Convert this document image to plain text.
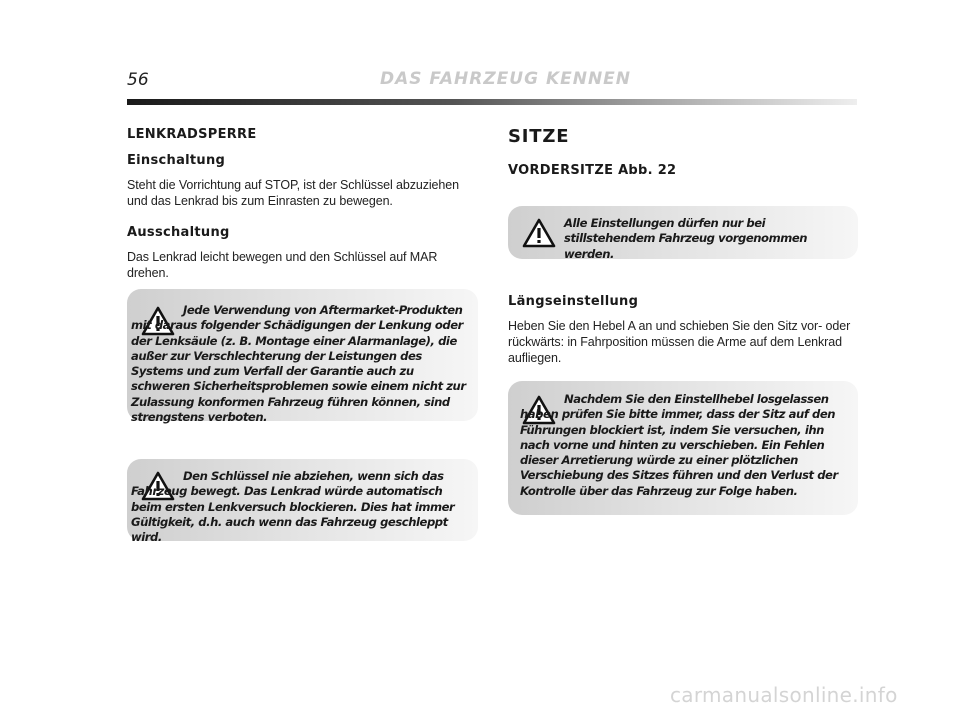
56	DAS FAHRZEUG KENNEN
LENKRADSPERRE
Einschaltung

Steht die Vorrichtung auf STOP, ist der Schlüssel abzuziehen und das Lenkrad bis zum Einrasten zu bewegen.

Ausschaltung

Das Lenkrad leicht bewegen und den Schlüssel auf MAR drehen.

Jede Verwendung von Aftermarket-Produkten mit daraus folgender Schädigungen der Lenkung oder der Lenksäule (z. B. Montage einer Alarmanlage), die außer zur Verschlechterung der Leistungen des Systems und zum Verfall der Garantie auch zu schweren Sicherheitsproblemen sowie einem nicht zur Zulassung konformen Fahrzeug führen können, sind strengstens verboten.

Den Schlüssel nie abziehen, wenn sich das Fahrzeug bewegt. Das Lenkrad würde automatisch beim ersten Lenkversuch blockieren. Dies hat immer Gültigkeit, d.h. auch wenn das Fahrzeug geschleppt wird.

SITZE
VORDERSITZE Abb. 22

Alle Einstellungen dürfen nur bei stillstehendem Fahrzeug vorgenommen werden.

Längseinstellung

Heben Sie den Hebel A an und schieben Sie den Sitz vor- oder rückwärts: in Fahrposition müssen die Arme auf dem Lenkrad aufliegen.

Nachdem Sie den Einstellhebel losgelassen haben prüfen Sie bitte immer, dass der Sitz auf den Führungen blockiert ist, indem Sie versuchen, ihn nach vorne und hinten zu verschieben. Ein Fehlen dieser Arretierung würde zu einer plötzlichen Verschiebung des Sitzes führen und den Verlust der Kontrolle über das Fahrzeug zur Folge haben.

carmanualsonline.info
